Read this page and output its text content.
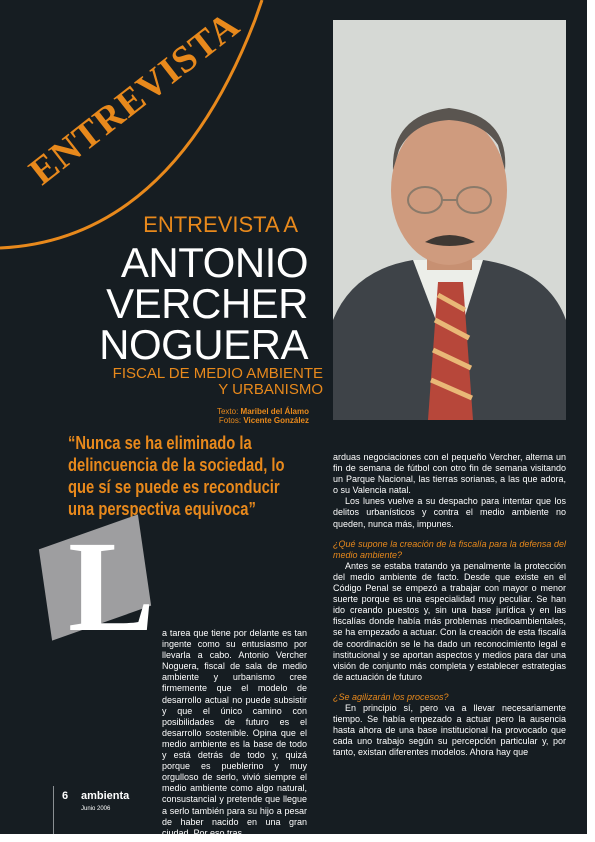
ENTREVISTA
ENTREVISTA A
ANTONIO
VERCHER
NOGUERA
FISCAL DE MEDIO AMBIENTE
Y URBANISMO
Texto: Maribel del Álamo
Fotos: Vicente González
“Nunca se ha eliminado la delincuencia de la sociedad, lo que sí se puede es reconducir una perspectiva equivoca”
L a tarea que tiene por delante es tan ingente como su entusiasmo por llevarla a cabo. Antonio Vercher Noguera, fiscal de sala de medio ambiente y urbanismo cree firmemente que el modelo de desarrollo actual no puede subsistir y que el único camino con posibilidades de futuro es el desarrollo sostenible. Opina que el medio ambiente es la base de todo y está detrás de todo y, quizá porque es pueblerino y muy orgulloso de serlo, vivió siempre el medio ambiente como algo natural, consustancial y pretende que llegue a serlo también para su hijo a pesar de haber nacido en una gran ciudad. Por eso tras

arduas negociaciones con el pequeño Vercher, alterna un fin de semana de fútbol con otro fin de semana visitando un Parque Nacional, las tierras sorianas, a las que adora, o su Valencia natal.

Los lunes vuelve a su despacho para intentar que los delitos urbanísticos y contra el medio ambiente no queden, nunca más, impunes.

¿Qué supone la creación de la fiscalía para la defensa del medio ambiente?

Antes se estaba tratando ya penalmente la protección del medio ambiente de facto. Desde que existe en el Código Penal se empezó a trabajar con mayor o menor suerte porque es una especialidad muy peculiar. Se han ido creando puestos y, sin una base jurídica y en las fiscalías donde había más problemas medioambientales, se ha empezado a actuar. Con la creación de esta fiscalía de coordinación se le ha dado un reconocimiento legal e institucional y se aportan aspectos y medios para dar una visión de conjunto más completa y establecer estrategias de actuación de futuro

¿Se agilizarán los procesos?

En principio sí, pero va a llevar necesariamente tiempo. Se había empezado a actuar pero la ausencia hasta ahora de una base institucional ha provocado que cada uno trabajo según su percepción particular y, por tanto, existan diferentes modelos. Ahora hay que

6 ambienta
Junio 2006
